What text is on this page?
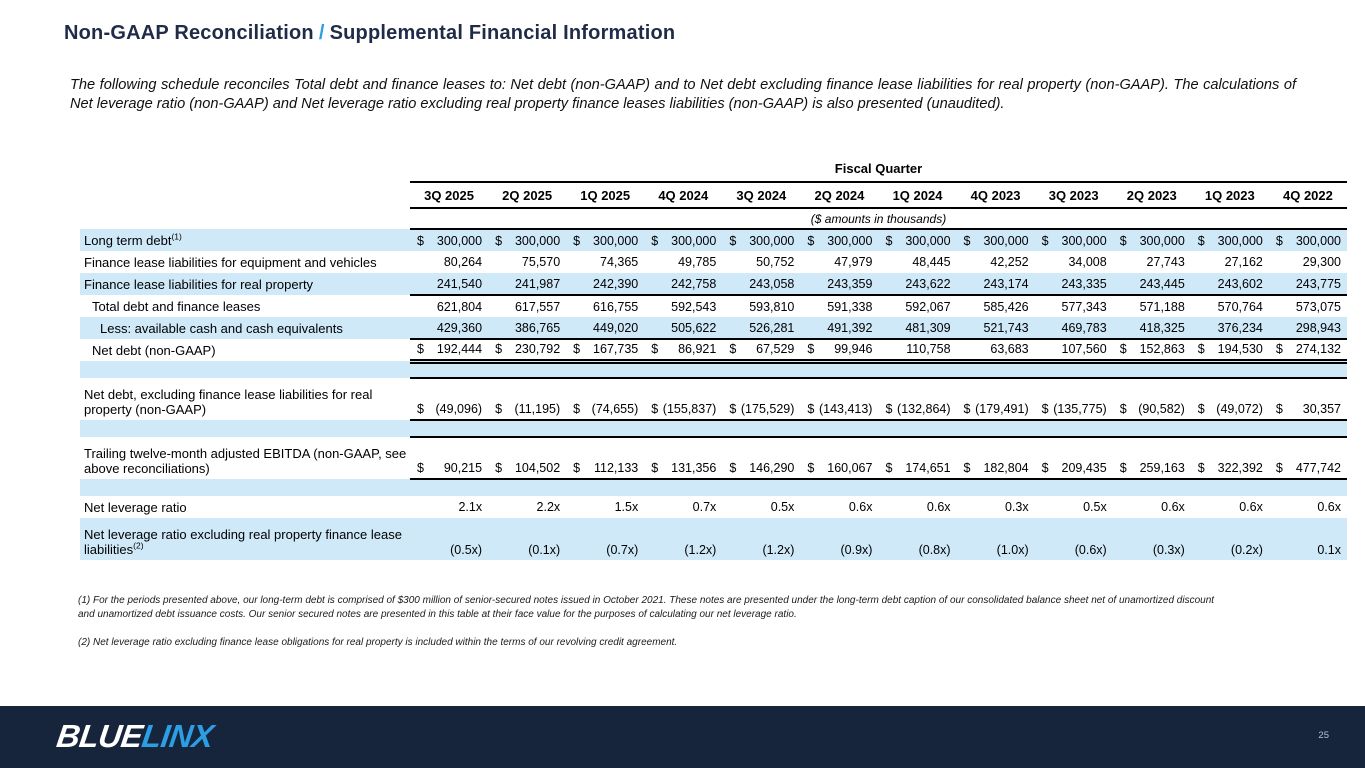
Non-GAAP Reconciliation / Supplemental Financial Information
The following schedule reconciles Total debt and finance leases to: Net debt (non-GAAP) and to Net debt excluding finance lease liabilities for real property (non-GAAP). The calculations of Net leverage ratio (non-GAAP) and Net leverage ratio excluding real property finance leases liabilities (non-GAAP) is also presented (unaudited).
	Fiscal Quarter											
	3Q 2025	2Q 2025	1Q 2025	4Q 2024	3Q 2024	2Q 2024	1Q 2024	4Q 2023	3Q 2023	2Q 2023	1Q 2023	4Q 2022
	($ amounts in thousands)											
Long term debt$^{(1)}$	$ 300,000	$ 300,000	$ 300,000	$ 300,000	$ 300,000	$ 300,000	$ 300,000	$ 300,000	$ 300,000	$ 300,000	$ 300,000	$ 300,000

Finance lease liabilities for equipment and vehicles	80,264	75,570	74,365	49,785	50,752	47,979	48,445	42,252	34,008	27,743	27,162	29,300

Finance lease liabilities for real property	241,540	241,987	242,390	242,758	243,058	243,359	243,622	243,174	243,335	243,445	243,602	243,775

Total debt and finance leases	621,804	617,557	616,755	592,543	593,810	591,338	592,067	585,426	577,343	571,188	570,764	573,075

Less: available cash and cash equivalents	429,360	386,765	449,020	505,622	526,281	491,392	481,309	521,743	469,783	418,325	376,234	298,943

Net debt (non-GAAP)	$ 192,444	$ 230,792	$ 167,735	$ 86,921	$ 67,529	$ 99,946	110,758	63,683	107,560	$ 152,863	$ 194,530	$ 274,132

Net debt, excluding finance lease liabilities for real property (non-GAAP)	$ (49,096)	$ (11,195)	$ (74,655)	$ (155,837)	$ (175,529)	$ (143,413)	$ (132,864)	$ (179,491)	$ (135,775)	$ (90,582)	$ (49,072)	$ 30,357

Trailing twelve-month adjusted EBITDA (non-GAAP, see above reconciliations)	$ 90,215	$ 104,502	$ 112,133	$ 131,356	$ 146,290	$ 160,067	$ 174,651	$ 182,804	$ 209,435	$ 259,163	$ 322,392	$ 477,742

Net leverage ratio	2.1x	2.2x	1.5x	0.7x	0.5x	0.6x	0.6x	0.3x	0.5x	0.6x	0.6x	0.6x

Net leverage ratio excluding real property finance lease liabilities$^{(2)}$	(0.5x)	(0.1x)	(0.7x)	(1.2x)	(1.2x)	(0.9x)	(0.8x)	(1.0x)	(0.6x)	(0.3x)	(0.2x)	0.1x
(1) For the periods presented above, our long-term debt is comprised of $300 million of senior-secured notes issued in October 2021. These notes are presented under the long-term debt caption of our consolidated balance sheet net of unamortized discount and unamortized debt issuance costs. Our senior secured notes are presented in this table at their face value for the purposes of calculating our net leverage ratio.
(2) Net leverage ratio excluding finance lease obligations for real property is included within the terms of our revolving credit agreement.
BLUELINX	25
